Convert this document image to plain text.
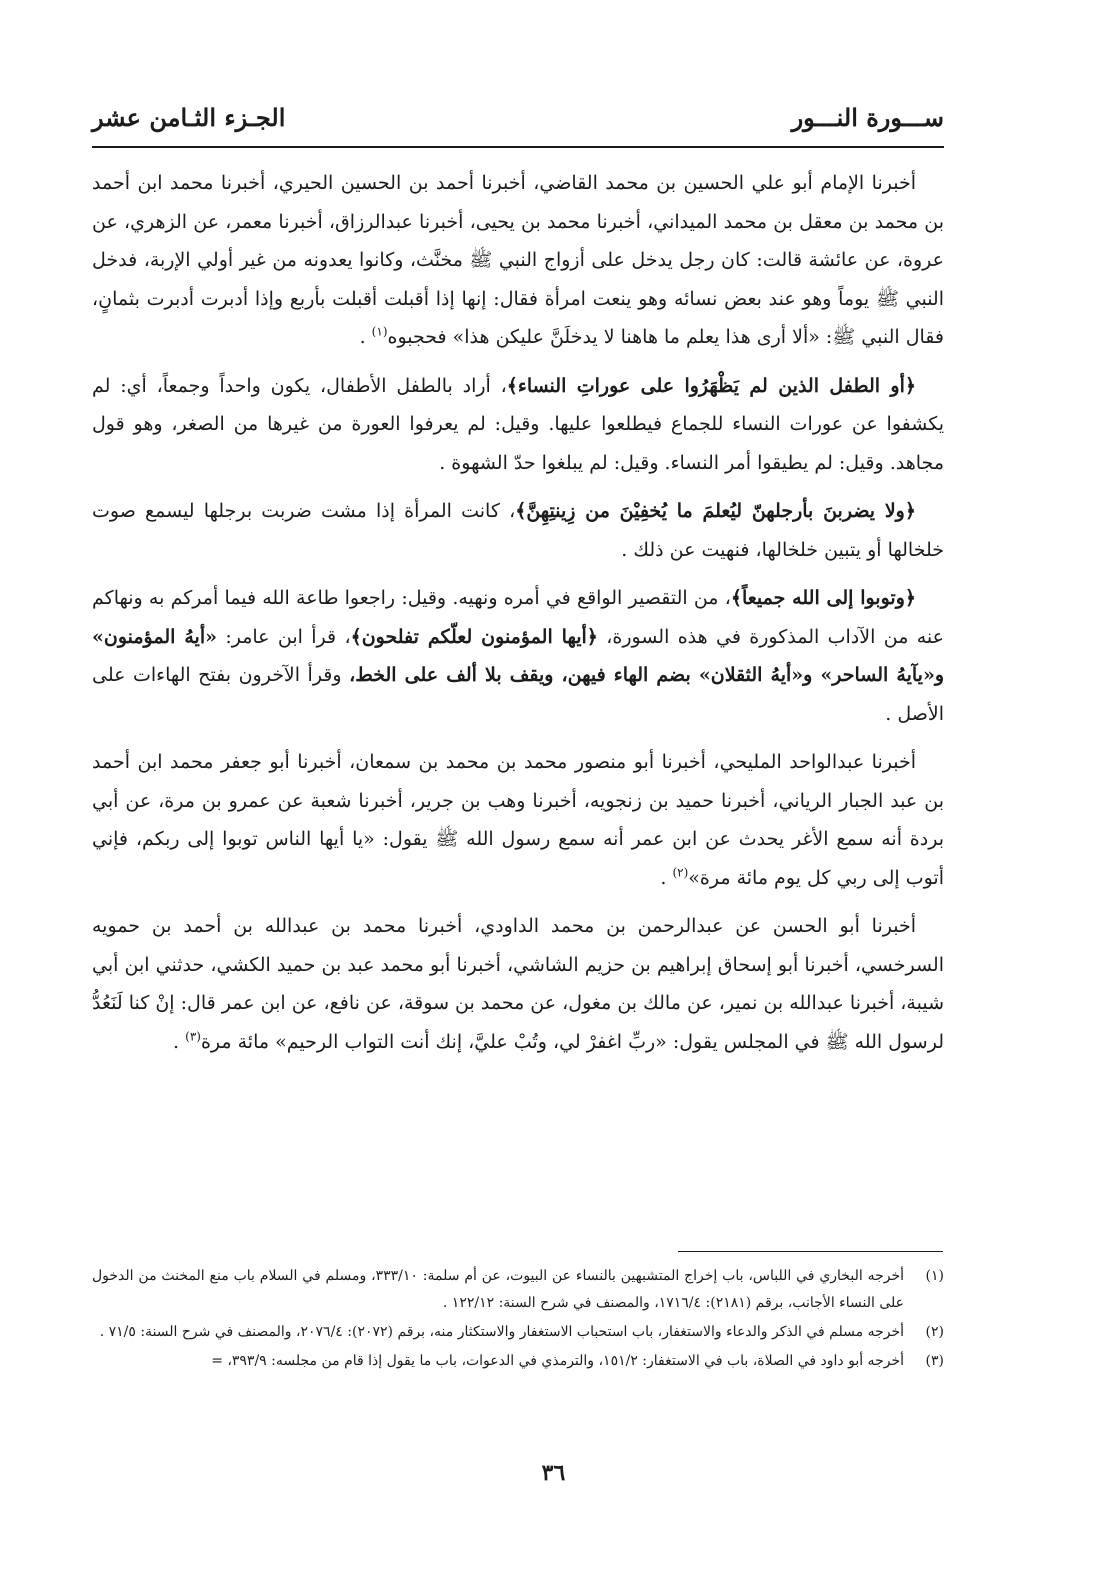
ســـورة النـــور
الجـزء الثـامن عشر

أخبرنا الإمام أبو علي الحسين بن محمد القاضي، أخبرنا أحمد بن الحسين الحيري، أخبرنا محمد ابن أحمد بن محمد بن معقل بن محمد الميداني، أخبرنا محمد بن يحيى، أخبرنا عبدالرزاق، أخبرنا معمر، عن الزهري، عن عروة، عن عائشة قالت: كان رجل يدخل على أزواج النبي ﷺ مخنَّث، وكانوا يعدونه من غير أولي الإربة، فدخل النبي ﷺ يوماً وهو عند بعض نسائه وهو ينعت امرأة فقال: إنها إذا أقبلت أقبلت بأربع وإذا أدبرت أدبرت بثمانٍ، فقال النبي ﷺ: «ألا أرى هذا يعلم ما هاهنا لا يدخلَنَّ عليكن هذا» فحجبوه$^{(١)}$ .

﴿أو الطفل الذين لم يَظْهَرُوا على عوراتِ النساء﴾، أراد بالطفل الأطفال، يكون واحداً وجمعاً، أي: لم يكشفوا عن عورات النساء للجماع فيطلعوا عليها. وقيل: لم يعرفوا العورة من غيرها من الصغر، وهو قول مجاهد. وقيل: لم يطيقوا أمر النساء. وقيل: لم يبلغوا حدّ الشهوة .

﴿ولا يضربنَ بأرجلهنّ ليُعلمَ ما يُخفِيْنَ من زِينتِهِنَّ﴾، كانت المرأة إذا مشت ضربت برجلها ليسمع صوت خلخالها أو يتبين خلخالها، فنهيت عن ذلك .

﴿وتوبوا إلى الله جميعاً﴾، من التقصير الواقع في أمره ونهيه. وقيل: راجعوا طاعة الله فيما أمركم به ونهاكم عنه من الآداب المذكورة في هذه السورة، ﴿أيها المؤمنون لعلّكم تفلحون﴾، قرأ ابن عامر: «أيهُ المؤمنون» و«يآيهُ الساحر» و«أيهُ الثقلان» بضم الهاء فيهن، ويقف بلا ألف على الخط، وقرأ الآخرون بفتح الهاءات على الأصل .

أخبرنا عبدالواحد المليحي، أخبرنا أبو منصور محمد بن محمد بن سمعان، أخبرنا أبو جعفر محمد ابن أحمد بن عبد الجبار الرياني، أخبرنا حميد بن زنجويه، أخبرنا وهب بن جرير، أخبرنا شعبة عن عمرو بن مرة، عن أبي بردة أنه سمع الأغر يحدث عن ابن عمر أنه سمع رسول الله ﷺ يقول: «يا أيها الناس توبوا إلى ربكم، فإني أتوب إلى ربي كل يوم مائة مرة»$^{(٢)}$ .

أخبرنا أبو الحسن عن عبدالرحمن بن محمد الداودي، أخبرنا محمد بن عبدالله بن أحمد بن حمويه السرخسي، أخبرنا أبو إسحاق إبراهيم بن حزيم الشاشي، أخبرنا أبو محمد عبد بن حميد الكشي، حدثني ابن أبي شيبة، أخبرنا عبدالله بن نمير، عن مالك بن مغول، عن محمد بن سوقة، عن نافع، عن ابن عمر قال: إنْ كنا لَنَعُدُّ لرسول الله ﷺ في المجلس يقول: «ربِّ اغفرْ لي، وتُبْ عليَّ، إنك أنت التواب الرحيم» مائة مرة$^{(٣)}$ .

(١)
أخرجه البخاري في اللباس، باب إخراج المتشبهين بالنساء عن البيوت، عن أم سلمة: ٣٣٣/١٠، ومسلم في السلام باب منع المخنث من الدخول على النساء الأجانب، برقم (٢١٨١): ١٧١٦/٤، والمصنف في شرح السنة: ١٢٢/١٢ .
(٢)
أخرجه مسلم في الذكر والدعاء والاستغفار، باب استحباب الاستغفار والاستكثار منه، برقم (٢٠٧٢): ٢٠٧٦/٤، والمصنف في شرح السنة: ٧١/٥ .
(٣)
أخرجه أبو داود في الصلاة، باب في الاستغفار: ١٥١/٢، والترمذي في الدعوات، باب ما يقول إذا قام من مجلسه: ٣٩٣/٩، =
٣٦
